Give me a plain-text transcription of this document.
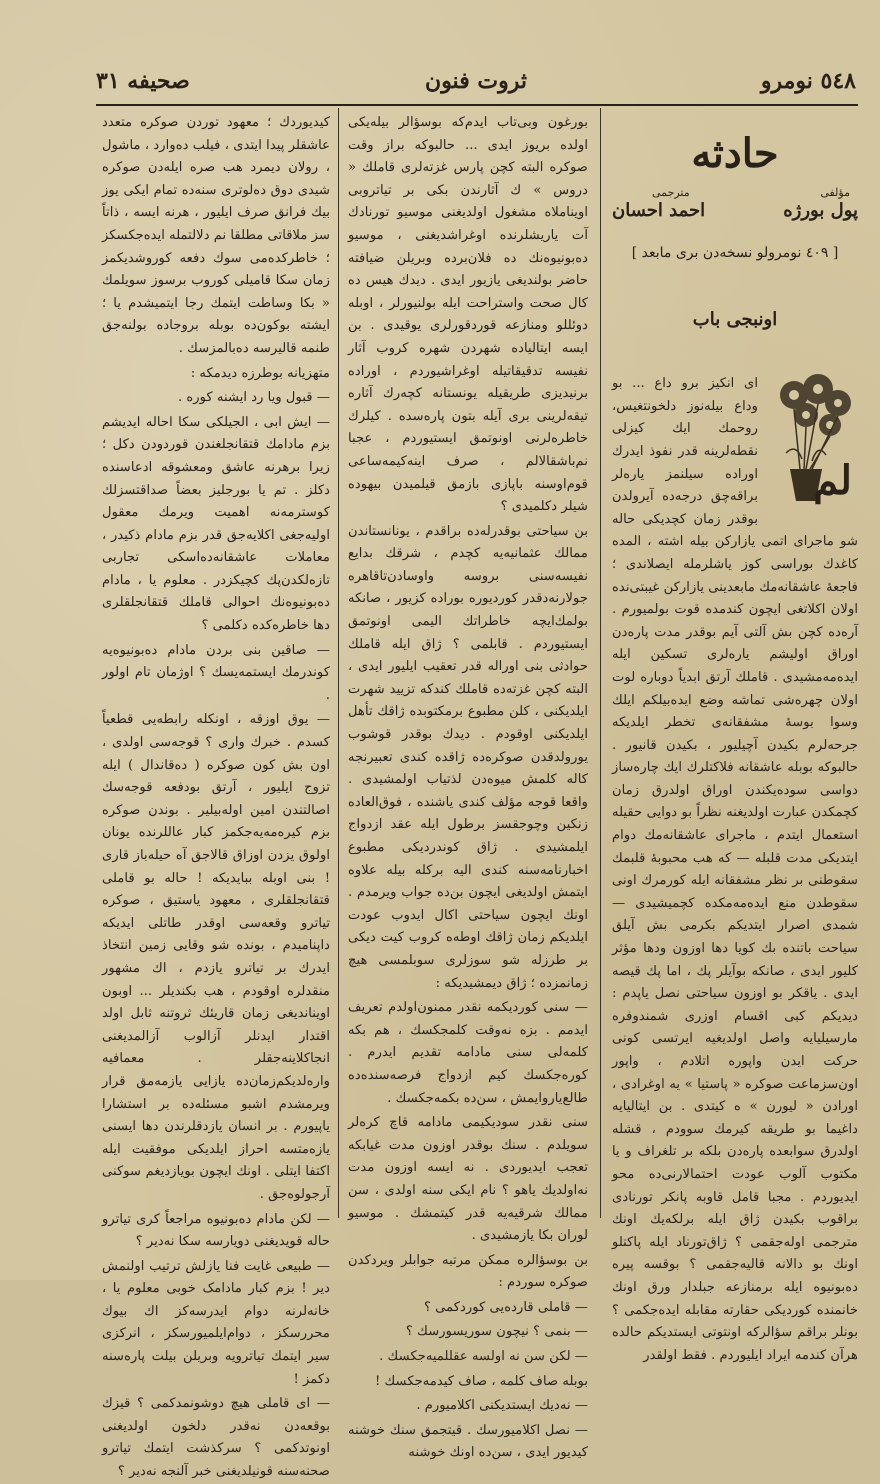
٥٤٨ نومرو
ثروت فنون
صحيفه ٣١
حادثه
مؤلفى
مترجمى
پول بورژه
احمد احسان
[ ٤٠٩ نومرولو نسخه‌دن بری مابعد ]
اونبجى باب
لم

ای انکیز برو داع ... بو وداع بیله‌نوز دلخونتغیس، روحمك ایك کیزلی نقطه‌لرینه قدر نفوذ ایدرك اوراده سیلنمز یاره‌لر براقه‌چق درجه‌ده آیرولدن بوقدر زمان کچدیکی حاله شو ماجرای اتمی یازارکن بیله اشته ، المده کاغدك بوراسی کوز یاشلرمله ایصلاندی ؛ فاجعهٔ عاشقانه‌مك مابعدینی یازارکن غیبتی‌نده اولان اکلاتغی ایچون کندمده قوت بولمیورم . آره‌ده کچن بش آلتی آیم بوقدر مدت پاره‌دن اوراق اولیشم یاره‌لری تسکین ایله ایده‌مه‌مشیدی . قاملك آرتق ابدیاً دوباره لوت اولان چهره‌شی تماشه وضع ایده‌بیلکم ایلك وسوا بوسهٔ مشفقانه‌ی تخطر ایلدیکه جرحه‌لرم بکیدن آچیلیور ، بکیدن قانیور . حالبوکه بوبله عاشقانه فلاکتلرك ایك چاره‌ساز دواسی سوده‌یکندن اوراق اولدرق زمان کچمکدن عبارت اولدیغنه نظراً بو دوایی حقیله استعمال ایتدم ، ماجرای عاشقانه‌مك دوام ایتدیکی مدت قلبله — که هب محبوبهٔ قلبمك سقوطنی بر نظر مشفقانه ایله کورمرك اونی سقوطدن منع ایده‌مه‌مکده کچمیشیدی — شمدی اصرار ایتدیکم بکرمی بش آیلق سیاحت باتنده بك کویا دها اوزون ودها مؤثر کلیور ایدی ، صانکه بوآیلر پك ، اما پك قیصه ایدی . یاقکر بو اوزون سیاحتی نصل یاپدم : دیدیکم کبی اقسام اوزری شمندوفره مارسیلیایه واصل اولدیغیه ایرتسی کونی حرکت ایدن واپوره اتلادم ، واپور اون‌سزماعت صوکره « پاستیا » یه اوغرادی ، اورادن « لیورن » ه کیتدی . بن ایتالیایه داغیما بو طریقه کیرمك سوودم ، قشله اولدرق سوابعده پاره‌دن بلکه بر تلغراف و یا مکتوب آلوب عودت احتمالارنی‌ده محو ایدیوردم . مجبا قامل قاوبه پانکر تورنادی براقوب بکیدن ژاق ایله برلکه‌یك اونك مترجمی اوله‌جقمی ؟ ژاق‌تورناد ایله پاکتلو اونك بو دالانه قالیه‌جقمی ؟ بوقسه پیره ده‌بونیوه ایله برمنازعه جبلدار ورق اونك خانمنده کوردیکی حقارته مقابله ایده‌جکمی ؟ بونلر براقم سؤالرکه اونتوتی ایستدیکم حالده هرآن کندمه ایراد ایلیوردم . فقط اولقدر

بورغون وبی‌تاب ایدم‌که بوسؤالر بیله‌یکی اولده بریوز ایدی ... حالبوکه براز وقت صوکره البته کچن پارس غزته‌لری قاملك « دروس » ك آثارندن بکی بر تیاتروبی اویناملاه مشغول اولدیغنی موسیو تورنادك آت یاریشلرنده اوغراشدیغنی ، موسیو ده‌بونیوه‌نك ده فلان‌برده وبریلن ضیافته حاضر بولندیغی یازیور ایدی . دیدك هیس ده کال صحت واستراحت ایله بولنیورلر ، اوبله دوئللو ومنازعه قوردقورلری یوقیدی . بن ایسه ایتالیاده شهردن شهره کروب آثار نفیسه تدقیقاتیله اوغراشیوردم ، اوراده برنیدیزی طریقیله یونستانه کچه‌رك آثاره تیقه‌لرینی بری آیله بتون پاره‌سده . کیلرك خاطره‌لرنی اونوتمق ایستیوردم ، عجبا نم‌باشقالالم ، صرف اینه‌کیمه‌ساعی قوم‌اوسنه باپازی بازمق قیلمیدن بیهوده شیلر دکلمیدی ؟

بن سیاحتی بوقدرله‌ده براقدم ، یونانستاندن ممالك عثمانیه‌یه کچدم ، شرقك بدایع نفیسه‌سنی بروسه واوسادن‌تاقاهره‌ جولارنه‌دقدر کوردیوره بوراده کزیور ، صانکه بولمك‌ایچه خاطراتك الیمی اونوتمق ایستیوردم . قابلمی ؟ ژاق ایله قاملك حوادثی بنی اوراله قدر تعقیب ایلیور ایدی ، البته کچن غزته‌ده قاملك کندکه تزیید شهرت ایلدیکنی ، کلن مطبوع برمکتوبده ژاقك تأهل ایلدیکنی اوقودم . دیدك بوقدر قوشوب یورولدقدن صوکره‌ده ژاقده کندی تعبیرنجه کاله کلمش میوه‌دن لذتیاب اولمشیدی . واقعا قوجه مؤلف کندی یاشنده ، فوق‌العاده زنکین وچوجقسز برطول ایله عقد ازدواج ایلمشیدی . ژاق کوندردیکی مطبوع اخبارنامه‌سنه کندی الیه برکله بیله علاوه ایتمش اولدیغی ایچون بن‌ده جواب ویرمدم . اونك ایچون سیاحتی اکال ایدوب عودت ایلدیکم زمان ژاقك اوطه‌ه کروب کیت دیکی بر طرزله شو سوزلری سوبلمسی هیچ زمانمزده ؛ ژاق دیمشیدیکه :

— سنی کوردیکمه نقدر ممنون‌اولدم تعریف ایدمم . بزه نه‌وقت کلمجکسك ، هم بکه کلمه‌لی سنی مادامه تقدیم ایدرم . کوره‌جکسك‌ کیم ازدواج فرصه‌سنده‌ده طالع‌یارو‌ایمش ، سن‌ده بکمه‌جکسك .

سنی نقدر سودیکیمی مادامه قاچ کره‌لر سویلدم . سنك بوقدر اوزون مدت غیابکه تعجب ایدیوردی . نه‌ ایسه اوزون مدت نه‌اولدیك یاهو ؟ نام ایکی سنه اولدی ، سن ممالك شرقیه‌یه قدر کیتمشك . موسیو لوران بکا یازمشیدی .

بن بوسؤالره ممکن مرتبه جوابلر ویردکدن صوکره سوردم :

— قاملی قارده‌یی کوردکمی ؟

— بنمی ؟ نیچون سوریسورسك ؟

— لکن سن نه‌ اولسه عقللمیه‌جکسك .

بوبله صاف کلمه ، صاف کیدمه‌جکسك !

— نه‌دیك ایستدیکنی اکلامیورم .

— نصل اکلامیورسك . قیتجمق سنك خوشنه کیدیور ایدی ، سن‌ده اونك خوشنه

کیدیوردك ؛ معهود توردن صوکره متعدد عاشقلر پیدا ایتدی ، فیلب ده‌وارد ، ماشول ، رولان دیمرد هب صره‌ ایله‌دن صوکره شیدی دوق ده‌لوتری سنه‌ده تمام ایکی یوز بیك فرانق صرف ایلیور ، هرنه ایسه ، ذاتاً سز ملاقاتی مطلقا نم دلالتمله ایده‌جکسکز ؛ خاطرکده‌می سوك دفعه کوروشدیکمز زمان سکا قامیلی کوروب برسوز سویلمك « بکا وساطت ایتمك رجا ایتمیشدم یا ؛ ایشته بوکون‌ده بوبله بروجاده بولنه‌جق طنمه قالیرسه ده‌بالمزسك .

متهزیانه بوطرزه دیدمکه :

— قبول ویا رد ایشنه کوره .

— ایش ابی ، الجیلکی سکا احاله ایدیشم بزم مادامك قتقانجلغندن قوردودن دکل ؛ زیرا برهرنه عاشق ومعشوقه ادعاسنده دکلز . تم یا بورجلیز بعضاً صداقتسزلك کوسترمه‌نه اهمیت ویرمك معقول اولیه‌جغی اکلایه‌جق قدر بزم مادام ذکیدر ، معاملات عاشقانه‌ده‌اسکی تجاربی تازه‌لکدن‌پك کچیکزدر . معلوم یا ، مادام ده‌بونیوه‌نك احوالی قاملك قتقانجلقلری دها خاطره‌کده دکلمی ؟

— صاقین بنی بردن مادام ده‌بونیوه‌یه کوندرمك ایستمه‌یسك ؟ اوژمان تام اولور .

— یوق اوزقه ، اونکله رابطه‌یی قطعیاً کسدم . خبرك واری ؟ قوجه‌سی اولدی ، اون بش کون صوکره ( ده‌قاندال ) ایله تزوج ایلیور ، آرتق بودفعه قوجه‌سك اصالتندن امین اوله‌بیلیر . بوندن صوکره بزم کیره‌مه‌یه‌جکمز کبار عاللرنده یونان اولوق یزدن اوزاق قالاجق آه حیله‌باز قاری ! بنی اوبله ببایدیکه ! حاله بو قاملی قتقانجلقلری ، معهود یاستیق ، صوکره تیاترو وقعه‌سی اوقدر طاتلی ایدیکه داپنامیدم ، بونده شو وقایی زمین انتخاذ ایدرك بر تیاترو یازدم ، اك مشهور منقدلره اوقودم ، هب بکندیلر ... اوبون اویناندیغی زمان قاریئك ثروتنه ثابل اولد اقتدار ایدنلر آزالوب آزالمدیغنی انجاكلاینه‌جقلر . معمافیه واره‌لدیکم‌زمان‌ده یازایی یازمه‌مق قرار ویرمشدم اشبو مسئله‌ده بر استشارا یاپیورم . بر انسان یازدقلرندن دها ایسنی یازه‌متسه احراز ایلدیکی موفقیت ایله اکتفا ایتلی . اونك ایچون بویازدیغم سوکنی آرجولوه‌جق .

— لکن مادام ده‌بونیوه مراجعاً کری تیاترو حاله قویدیغنی دویارسه سکا نه‌دیر ؟

— طبیعی غایت فنا یازلش ترتیب اولنمش دیر ! بزم کبار مادامک خوبی معلوم یا ، خانه‌لرنه دوام ایدرسه‌کز اك بیوك محررسکز ، دوام‌ایلمیورسکز ، انرکزی سیر ایتمك تیاترویه وبریلن بیلت پاره‌سنه دکمز !

— ای قاملی هیچ دوشونمدکمی ؟ قیزك بوقعه‌دن نه‌قدر دلخون اولدیغنی اونوتدکمی ؟ سرکذشت ایتمك تیاترو صحنه‌سنه قونیلدیغنی خبر آلنجه نه‌دیر ؟
